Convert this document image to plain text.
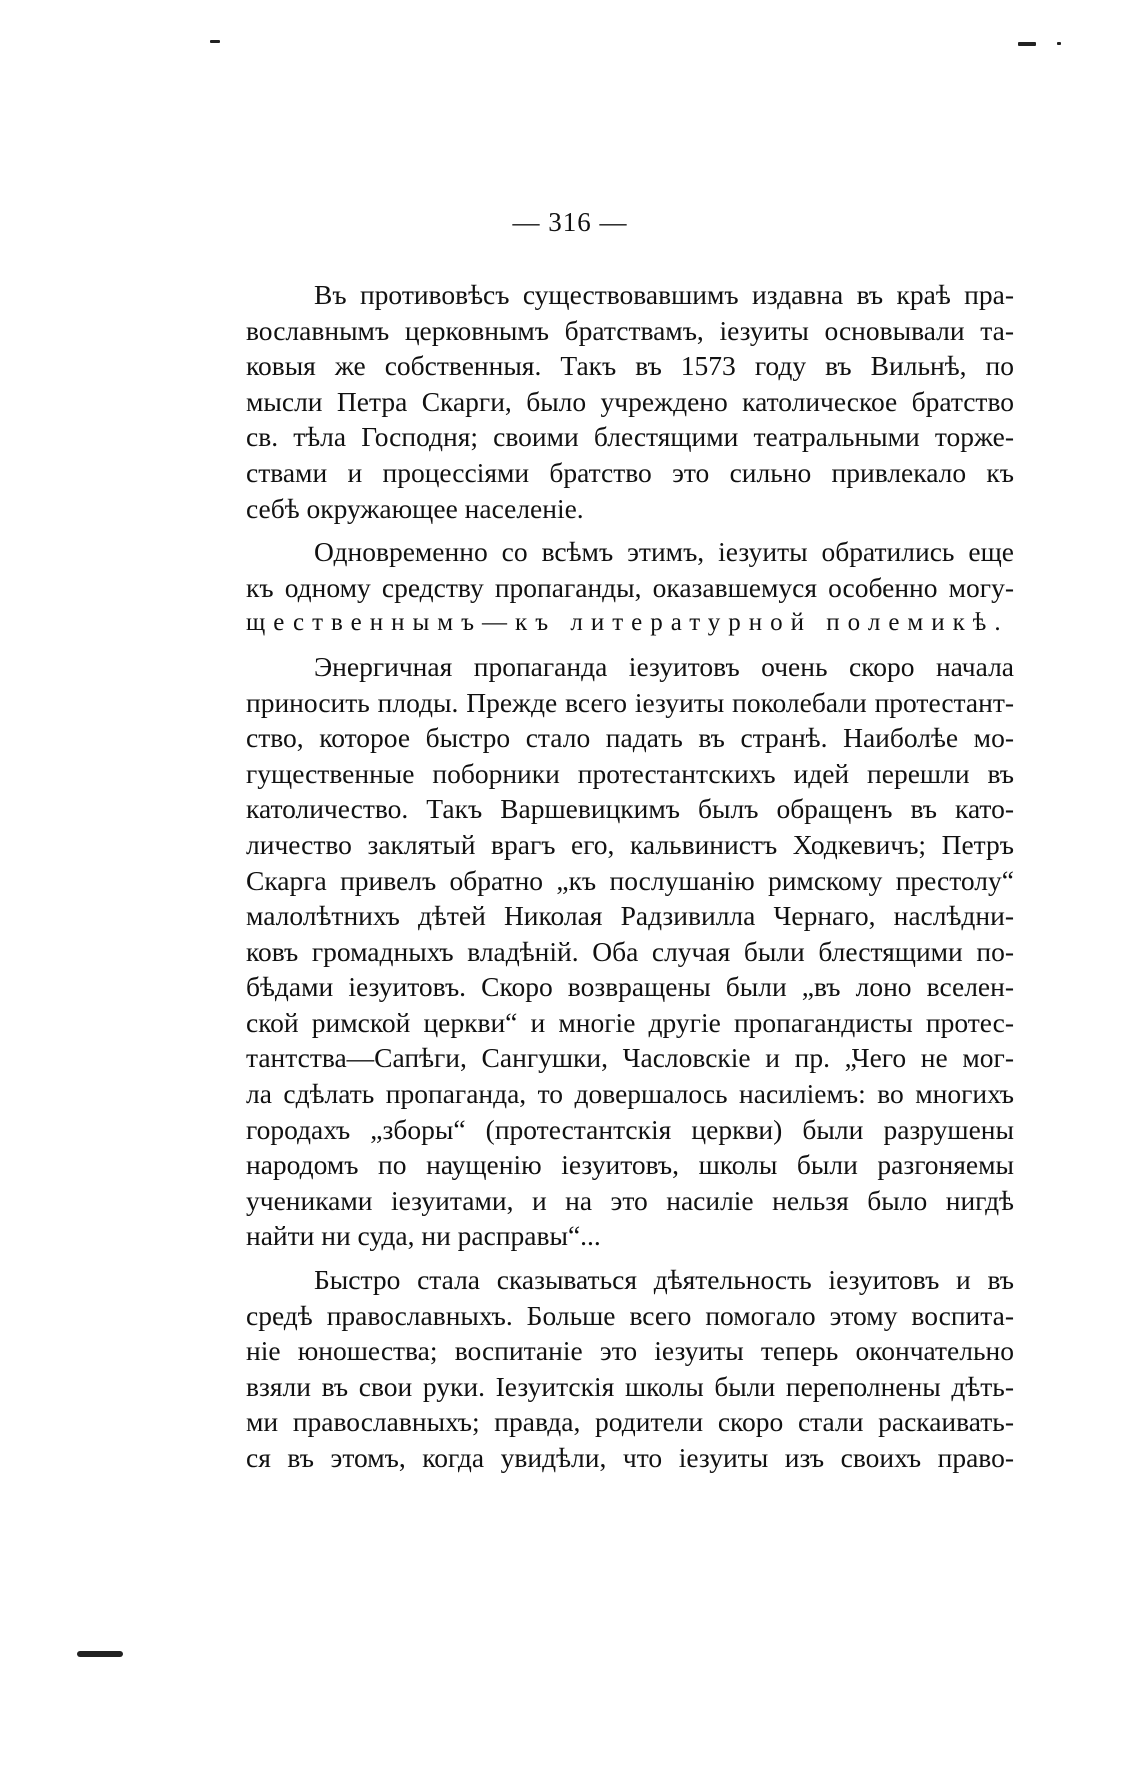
— 316 —
Въ противовѣсъ существовавшимъ издавна въ краѣ пра-
вославнымъ церковнымъ братствамъ, іезуиты основывали та-
ковыя же собственныя. Такъ въ 1573 году въ Вильнѣ, по
мысли Петра Скарги, было учреждено католическое братство
св. тѣла Господня; своими блестящими театральными торже-
ствами и процессіями братство это сильно привлекало къ
себѣ окружающее населеніе.
Одновременно со всѣмъ этимъ, іезуиты обратились еще
къ одному средству пропаганды, оказавшемуся особенно могу-
щественнымъ—къ литературной полемикѣ.
Энергичная пропаганда іезуитовъ очень скоро начала
приносить плоды. Прежде всего іезуиты поколебали протестант-
ство, которое быстро стало падать въ странѣ. Наиболѣе мо-
гущественные поборники протестантскихъ идей перешли въ
католичество. Такъ Варшевицкимъ былъ обращенъ въ като-
личество заклятый врагъ его, кальвинистъ Ходкевичъ; Петръ
Скарга привелъ обратно „къ послушанію римскому престолу“
малолѣтнихъ дѣтей Николая Радзивилла Чернаго, наслѣдни-
ковъ громадныхъ владѣній. Оба случая были блестящими по-
бѣдами іезуитовъ. Скоро возвращены были „въ лоно вселен-
ской римской церкви“ и многіе другіе пропагандисты протес-
тантства—Сапѣги, Сангушки, Часловскіе и пр. „Чего не мог-
ла сдѣлать пропаганда, то довершалось насиліемъ: во многихъ
городахъ „зборы“ (протестантскія церкви) были разрушены
народомъ по наущенію іезуитовъ, школы были разгоняемы
учениками іезуитами, и на это насиліе нельзя было нигдѣ
найти ни суда, ни расправы“...
Быстро стала сказываться дѣятельность іезуитовъ и въ
средѣ православныхъ. Больше всего помогало этому воспита-
ніе юношества; воспитаніе это іезуиты теперь окончательно
взяли въ свои руки. Іезуитскія школы были переполнены дѣть-
ми православныхъ; правда, родители скоро стали раскаивать-
ся въ этомъ, когда увидѣли, что іезуиты изъ своихъ право-
